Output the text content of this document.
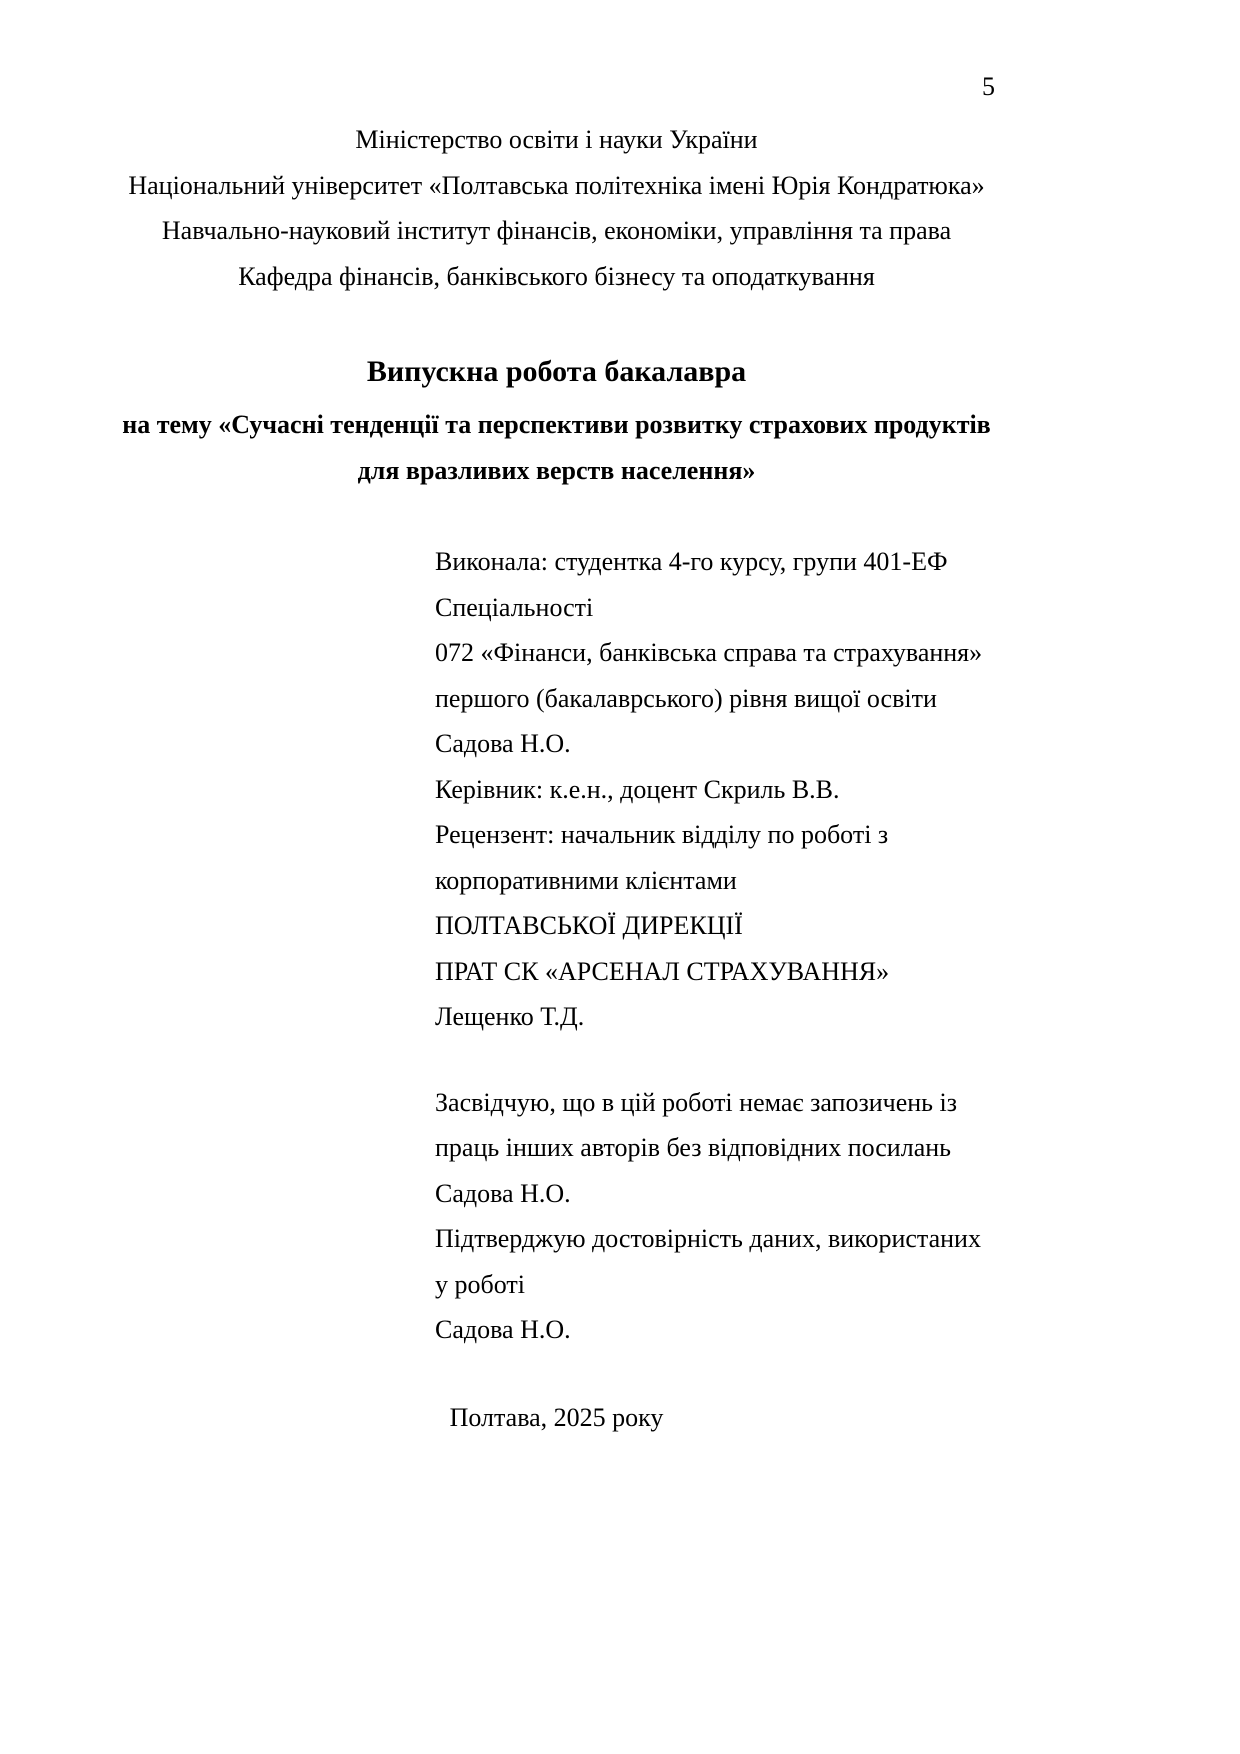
5

Міністерство освіти і науки України

Національний університет «Полтавська політехніка імені Юрія Кондратюка»

Навчально-науковий інститут фінансів, економіки, управління та права

Кафедра фінансів, банківського бізнесу та оподаткування

Випускна робота бакалавра

на тему «Сучасні тенденції та перспективи розвитку страхових продуктів

для вразливих верств населення»

Виконала: студентка 4-го курсу, групи 401-ЕФ

Спеціальності

072 «Фінанси, банківська справа та страхування»

першого (бакалаврського) рівня вищої освіти

Садова Н.О.

Керівник: к.е.н., доцент Скриль В.В.

Рецензент: начальник відділу по роботі з

корпоративними клієнтами

ПОЛТАВСЬКОЇ ДИРЕКЦІЇ

ПРАТ СК «АРСЕНАЛ СТРАХУВАННЯ»

Лещенко Т.Д.

Засвідчую, що в цій роботі немає запозичень із

праць інших авторів без відповідних посилань

Садова Н.О.

Підтверджую достовірність даних, використаних

у роботі

Садова Н.О.

Полтава, 2025 року
